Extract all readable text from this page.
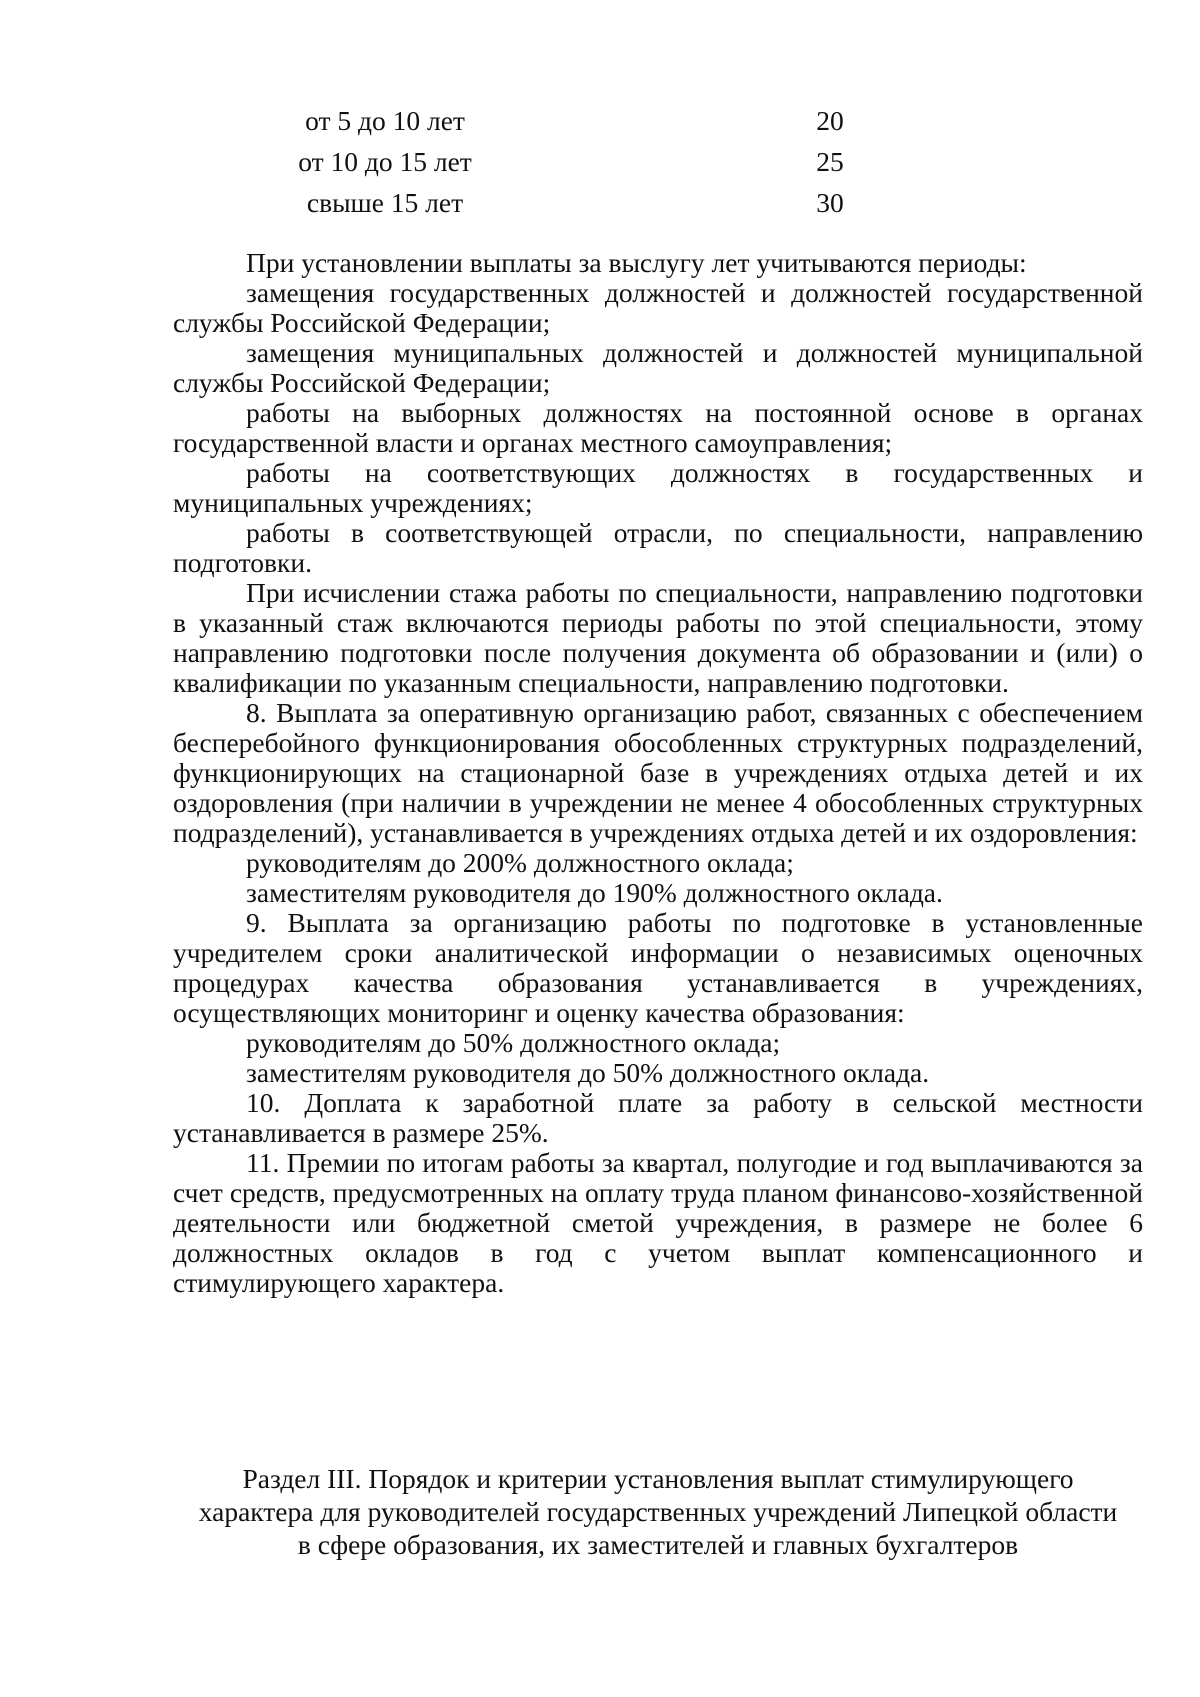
от 5 до 10 лет	20
от 10 до 15 лет	25
свыше 15 лет	30

При установлении выплаты за выслугу лет учитываются периоды:

замещения государственных должностей и должностей государственной службы Российской Федерации;

замещения муниципальных должностей и должностей муниципальной службы Российской Федерации;

работы на выборных должностях на постоянной основе в органах государственной власти и органах местного самоуправления;

работы на соответствующих должностях в государственных и муниципальных учреждениях;

работы в соответствующей отрасли, по специальности, направлению подготовки.

При исчислении стажа работы по специальности, направлению подготовки в указанный стаж включаются периоды работы по этой специальности, этому направлению подготовки после получения документа об образовании и (или) о квалификации по указанным специальности, направлению подготовки.

8. Выплата за оперативную организацию работ, связанных с обеспечением бесперебойного функционирования обособленных структурных подразделений, функционирующих на стационарной базе в учреждениях отдыха детей и их оздоровления (при наличии в учреждении не менее 4 обособленных структурных подразделений), устанавливается в учреждениях отдыха детей и их оздоровления:

руководителям до 200% должностного оклада;

заместителям руководителя до 190% должностного оклада.

9. Выплата за организацию работы по подготовке в установленные учредителем сроки аналитической информации о независимых оценочных процедурах качества образования устанавливается в учреждениях, осуществляющих мониторинг и оценку качества образования:

руководителям до 50% должностного оклада;

заместителям руководителя до 50% должностного оклада.

10. Доплата к заработной плате за работу в сельской местности устанавливается в размере 25%.

11. Премии по итогам работы за квартал, полугодие и год выплачиваются за счет средств, предусмотренных на оплату труда планом финансово-хозяйственной деятельности или бюджетной сметой учреждения, в размере не более 6 должностных окладов в год с учетом выплат компенсационного и стимулирующего характера.

Раздел III. Порядок и критерии установления выплат стимулирующего
характера для руководителей государственных учреждений Липецкой области
в сфере образования, их заместителей и главных бухгалтеров
